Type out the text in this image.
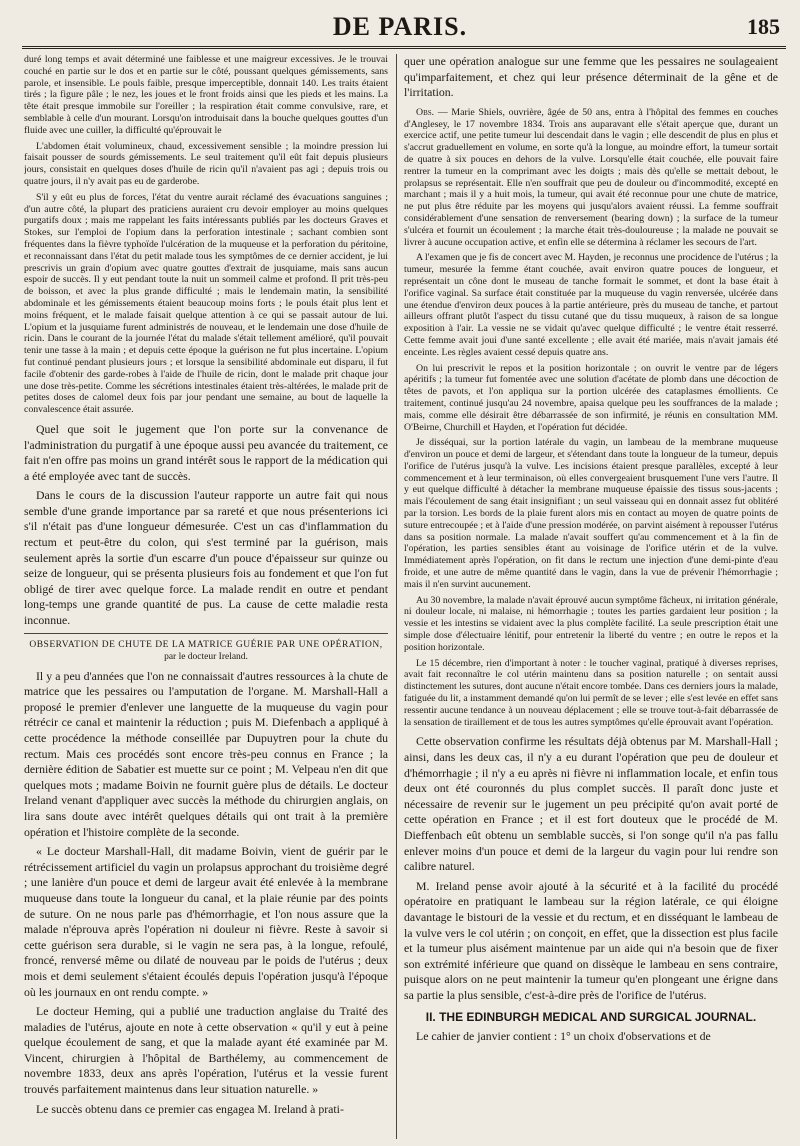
DE PARIS.	185

duré long temps et avait déterminé une faiblesse et une maigreur excessives. Je le trouvai couché en partie sur le dos et en partie sur le côté, poussant quelques gémissements, sans parole, et insensible. Le pouls faible, presque imperceptible, donnait 140. Les traits étaient tirés ; la figure pâle ; le nez, les joues et le front froids ainsi que les pieds et les mains. La tête était presque immobile sur l'oreiller ; la respiration était comme convulsive, rare, et semblable à celle d'un mourant. Lorsqu'on introduisait dans la bouche quelques gouttes d'un fluide avec une cuiller, la difficulté qu'éprouvait le

L'abdomen était volumineux, chaud, excessivement sensible ; la moindre pression lui faisait pousser de sourds gémissements. Le seul traitement qu'il eût fait depuis plusieurs jours, consistait en quelques doses d'huile de ricin qu'il n'avaient pas agi ; depuis trois ou quatre jours, il n'y avait pas eu de garderobe.

S'il y eût eu plus de forces, l'état du ventre aurait réclamé des évacuations sanguines ; d'un autre côté, la plupart des praticiens auraient cru devoir employer au moins quelques purgatifs doux ; mais me rappelant les faits intéressants publiés par les docteurs Graves et Stokes, sur l'emploi de l'opium dans la perforation intestinale ; sachant combien sont fréquentes dans la fièvre typhoïde l'ulcération de la muqueuse et la perforation du péritoine, et reconnaissant dans l'état du petit malade tous les symptômes de ce dernier accident, je lui prescrivis un grain d'opium avec quatre gouttes d'extrait de jusquiame, mais sans aucun espoir de succès. Il y eut pendant toute la nuit un sommeil calme et profond. Il prit très-peu de boisson, et avec la plus grande difficulté ; mais le lendemain matin, la sensibilité abdominale et les gémissements étaient beaucoup moins forts ; le pouls était plus lent et moins fréquent, et le malade faisait quelque attention à ce qui se passait autour de lui. L'opium et la jusquiame furent administrés de nouveau, et le lendemain une dose d'huile de ricin. Dans le courant de la journée l'état du malade s'était tellement amélioré, qu'il pouvait tenir une tasse à la main ; et depuis cette époque la guérison ne fut plus incertaine. L'opium fut continué pendant plusieurs jours ; et lorsque la sensibilité abdominale eut disparu, il fut facile d'obtenir des garde-robes à l'aide de l'huile de ricin, dont le malade prit chaque jour une dose très-petite. Comme les sécrétions intestinales étaient très-altérées, le malade prit de petites doses de calomel deux fois par jour pendant une semaine, au bout de laquelle la convalescence était assurée.

Quel que soit le jugement que l'on porte sur la convenance de l'administration du purgatif à une époque aussi peu avancée du traitement, ce fait n'en offre pas moins un grand intérêt sous le rapport de la médication qui a été employée avec tant de succès.

Dans le cours de la discussion l'auteur rapporte un autre fait qui nous semble d'une grande importance par sa rareté et que nous présenterions ici s'il n'était pas d'une longueur démesurée. C'est un cas d'inflammation du rectum et peut-être du colon, qui s'est terminé par la guérison, mais seulement après la sortie d'un escarre d'un pouce d'épaisseur sur quinze ou seize de longueur, qui se présenta plusieurs fois au fondement et que l'on fut obligé de tirer avec quelque force. La malade rendit en outre et pendant long-temps une grande quantité de pus. La cause de cette maladie resta inconnue.

OBSERVATION DE CHUTE DE LA MATRICE GUÉRIE PAR UNE OPÉRATION,
par le docteur Ireland.

Il y a peu d'années que l'on ne connaissait d'autres ressources à la chute de matrice que les pessaires ou l'amputation de l'organe. M. Marshall-Hall a proposé le premier d'enlever une languette de la muqueuse du vagin pour rétrécir ce canal et maintenir la réduction ; puis M. Diefenbach a appliqué à cette procédence la méthode conseillée par Dupuytren pour la chute du rectum. Mais ces procédés sont encore très-peu connus en France ; la dernière édition de Sabatier est muette sur ce point ; M. Velpeau n'en dit que quelques mots ; madame Boivin ne fournit guère plus de détails. Le docteur Ireland venant d'appliquer avec succès la méthode du chirurgien anglais, on lira sans doute avec intérêt quelques détails qui ont trait à la première opération et l'histoire complète de la seconde.

« Le docteur Marshall-Hall, dit madame Boivin, vient de guérir par le rétrécissement artificiel du vagin un prolapsus approchant du troisième degré ; une lanière d'un pouce et demi de largeur avait été enlevée à la membrane muqueuse dans toute la longueur du canal, et la plaie réunie par des points de suture. On ne nous parle pas d'hémorrhagie, et l'on nous assure que la malade n'éprouva après l'opération ni douleur ni fièvre. Reste à savoir si cette guérison sera durable, si le vagin ne sera pas, à la longue, refoulé, froncé, renversé même ou dilaté de nouveau par le poids de l'utérus ; deux mois et demi seulement s'étaient écoulés depuis l'opération jusqu'à l'époque où les journaux en ont rendu compte. »

Le docteur Heming, qui a publié une traduction anglaise du Traité des maladies de l'utérus, ajoute en note à cette observation « qu'il y eut à peine quelque écoulement de sang, et que la malade ayant été examinée par M. Vincent, chirurgien à l'hôpital de Barthélemy, au commencement de novembre 1833, deux ans après l'opération, l'utérus et la vessie furent trouvés parfaitement maintenus dans leur situation naturelle. »

Le succès obtenu dans ce premier cas engagea M. Ireland à prati-

quer une opération analogue sur une femme que les pessaires ne soulageaient qu'imparfaitement, et chez qui leur présence déterminait de la gêne et de l'irritation.

Obs. — Marie Shiels, ouvrière, âgée de 50 ans, entra à l'hôpital des femmes en couches d'Anglesey, le 17 novembre 1834. Trois ans auparavant elle s'était aperçue que, durant un exercice actif, une petite tumeur lui descendait dans le vagin ; elle descendit de plus en plus et s'accrut graduellement en volume, en sorte qu'à la longue, au moindre effort, la tumeur sortait de quatre à six pouces en dehors de la vulve. Lorsqu'elle était couchée, elle pouvait faire rentrer la tumeur en la comprimant avec les doigts ; mais dès qu'elle se mettait debout, le prolapsus se représentait. Elle n'en souffrait que peu de douleur ou d'incommodité, excepté en marchant ; mais il y a huit mois, la tumeur, qui avait été reconnue pour une chute de matrice, ne put plus être réduite par les moyens qui jusqu'alors avaient réussi. La femme souffrait considérablement d'une sensation de renversement (bearing down) ; la surface de la tumeur s'ulcéra et fournit un écoulement ; la marche était très-douloureuse ; la malade ne pouvait se livrer à aucune occupation active, et enfin elle se détermina à réclamer les secours de l'art.

A l'examen que je fis de concert avec M. Hayden, je reconnus une procidence de l'utérus ; la tumeur, mesurée la femme étant couchée, avait environ quatre pouces de longueur, et représentait un cône dont le museau de tanche formait le sommet, et dont la base était à l'orifice vaginal. Sa surface était constituée par la muqueuse du vagin renversée, ulcérée dans une étendue d'environ deux pouces à la partie antérieure, près du museau de tanche, et partout ailleurs offrant plutôt l'aspect du tissu cutané que du tissu muqueux, à raison de sa longue exposition à l'air. La vessie ne se vidait qu'avec quelque difficulté ; le ventre était resserré. Cette femme avait joui d'une santé excellente ; elle avait été mariée, mais n'avait jamais été enceinte. Les règles avaient cessé depuis quatre ans.

On lui prescrivit le repos et la position horizontale ; on ouvrit le ventre par de légers apéritifs ; la tumeur fut fomentée avec une solution d'acétate de plomb dans une décoction de têtes de pavots, et l'on appliqua sur la portion ulcérée des cataplasmes émollients. Ce traitement, continué jusqu'au 24 novembre, apaisa quelque peu les souffrances de la malade ; mais, comme elle désirait être débarrassée de son infirmité, je réunis en consultation MM. O'Beirne, Churchill et Hayden, et l'opération fut décidée.

Je disséquai, sur la portion latérale du vagin, un lambeau de la membrane muqueuse d'environ un pouce et demi de largeur, et s'étendant dans toute la longueur de la tumeur, depuis l'orifice de l'utérus jusqu'à la vulve. Les incisions étaient presque parallèles, excepté à leur commencement et à leur terminaison, où elles convergeaient brusquement l'une vers l'autre. Il y eut quelque difficulté à détacher la membrane muqueuse épaissie des tissus sous-jacents ; mais l'écoulement de sang était insignifiant ; un seul vaisseau qui en donnait assez fut oblitéré par la torsion. Les bords de la plaie furent alors mis en contact au moyen de quatre points de suture entrecoupée ; et à l'aide d'une pression modérée, on parvint aisément à repousser l'utérus dans sa position normale. La malade n'avait souffert qu'au commencement et à la fin de l'opération, les parties sensibles étant au voisinage de l'orifice utérin et de la vulve. Immédiatement après l'opération, on fit dans le rectum une injection d'une demi-pinte d'eau froide, et une autre de même quantité dans le vagin, dans la vue de prévenir l'hémorrhagie ; mais il n'en survint aucunement.

Au 30 novembre, la malade n'avait éprouvé aucun symptôme fâcheux, ni irritation générale, ni douleur locale, ni malaise, ni hémorrhagie ; toutes les parties gardaient leur position ; la vessie et les intestins se vidaient avec la plus complète facilité. La seule prescription était une simple dose d'électuaire lénitif, pour entretenir la liberté du ventre ; en outre le repos et la position horizontale.

Le 15 décembre, rien d'important à noter : le toucher vaginal, pratiqué à diverses reprises, avait fait reconnaître le col utérin maintenu dans sa position naturelle ; on sentait aussi distinctement les sutures, dont aucune n'était encore tombée. Dans ces derniers jours la malade, fatiguée du lit, a instamment demandé qu'on lui permît de se lever ; elle s'est levée en effet sans ressentir aucune tendance à un nouveau déplacement ; elle se trouve tout-à-fait débarrassée de la sensation de tiraillement et de tous les autres symptômes qu'elle éprouvait avant l'opération.

Cette observation confirme les résultats déjà obtenus par M. Marshall-Hall ; ainsi, dans les deux cas, il n'y a eu durant l'opération que peu de douleur et d'hémorrhagie ; il n'y a eu après ni fièvre ni inflammation locale, et enfin tous deux ont été couronnés du plus complet succès. Il paraît donc juste et nécessaire de revenir sur le jugement un peu précipité qu'on avait porté de cette opération en France ; et il est fort douteux que le procédé de M. Dieffenbach eût obtenu un semblable succès, si l'on songe qu'il n'a pas fallu enlever moins d'un pouce et demi de la largeur du vagin pour lui rendre son calibre naturel.

M. Ireland pense avoir ajouté à la sécurité et à la facilité du procédé opératoire en pratiquant le lambeau sur la région latérale, ce qui éloigne davantage le bistouri de la vessie et du rectum, et en disséquant le lambeau de la vulve vers le col utérin ; on conçoit, en effet, que la dissection est plus facile et la tumeur plus aisément maintenue par un aide qui n'a besoin que de fixer son extrémité inférieure que quand on dissèque le lambeau en sens contraire, puisque alors on ne peut maintenir la tumeur qu'en plongeant une érigne dans sa partie la plus sensible, c'est-à-dire près de l'orifice de l'utérus.

II. THE EDINBURGH MEDICAL AND SURGICAL JOURNAL.

Le cahier de janvier contient : 1° un choix d'observations et de
